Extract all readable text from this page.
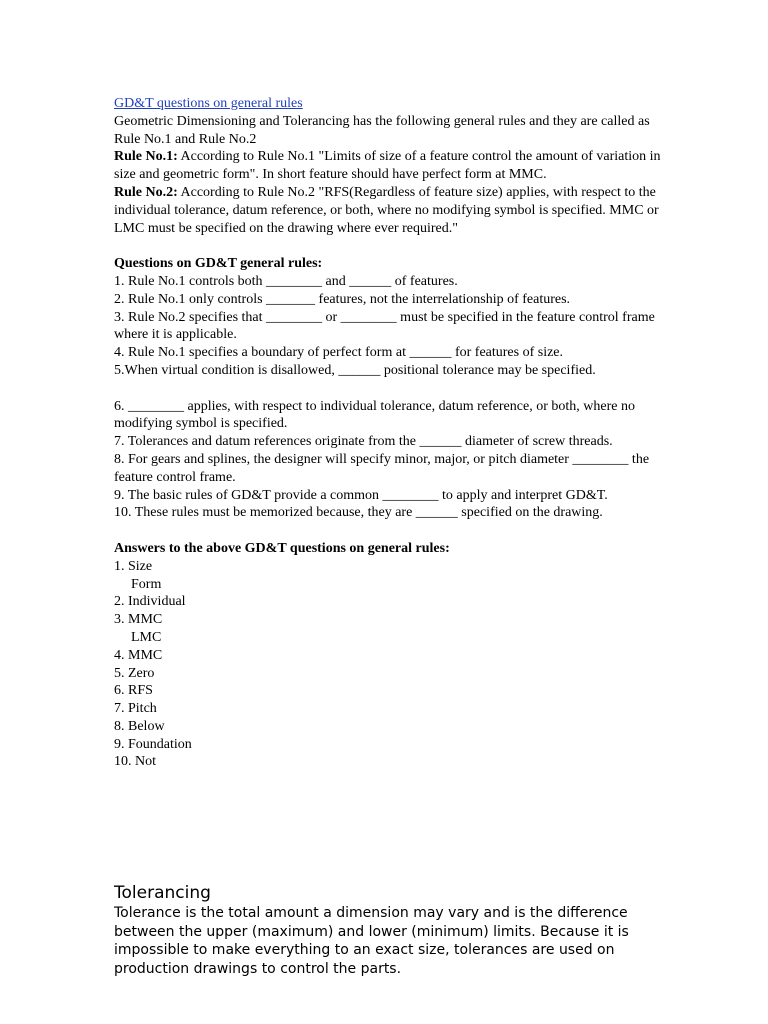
GD&T questions on general rules
Geometric Dimensioning and Tolerancing has the following general rules and they are called as Rule No.1 and Rule No.2
Rule No.1: According to Rule No.1 "Limits of size of a feature control the amount of variation in size and geometric form". In short feature should have perfect form at MMC.
Rule No.2: According to Rule No.2 "RFS(Regardless of feature size) applies, with respect to the individual tolerance, datum reference, or both, where no modifying symbol is specified. MMC or LMC must be specified on the drawing where ever required."
Questions on GD&T general rules:
1. Rule No.1 controls both ________ and ______ of features.
2. Rule No.1 only controls _______ features, not the interrelationship of features.
3. Rule No.2 specifies that ________ or ________ must be specified in the feature control frame where it is applicable.
4. Rule No.1 specifies a boundary of perfect form at ______ for features of size.
5.When virtual condition is disallowed, ______ positional tolerance may be specified.
6. ________ applies, with respect to individual tolerance, datum reference, or both, where no modifying symbol is specified.
7. Tolerances and datum references originate from the ______ diameter of screw threads.
8. For gears and splines, the designer will specify minor, major, or pitch diameter ________ the feature control frame.
9. The basic rules of GD&T provide a common ________ to apply and interpret GD&T.
10. These rules must be memorized because, they are ______ specified on the drawing.
Answers to the above GD&T questions on general rules:
1. Size
Form
2. Individual
3. MMC
LMC
4. MMC
5. Zero
6. RFS
7. Pitch
8. Below
9. Foundation
10. Not
Tolerancing
Tolerance is the total amount a dimension may vary and is the difference between the upper (maximum) and lower (minimum) limits. Because it is impossible to make everything to an exact size, tolerances are used on production drawings to control the parts.
